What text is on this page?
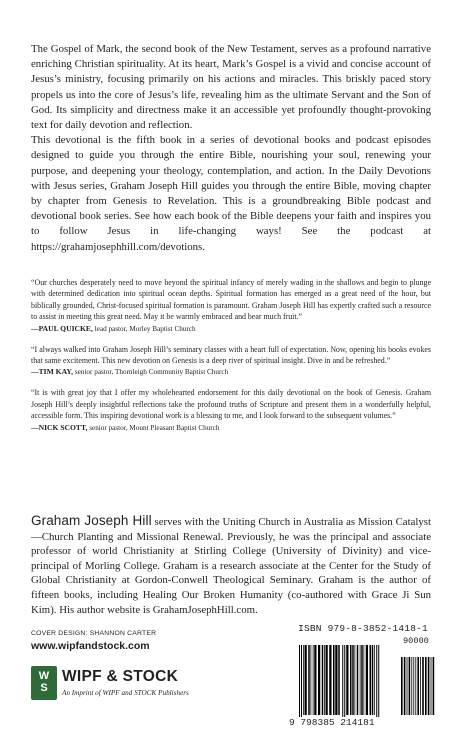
The Gospel of Mark, the second book of the New Testament, serves as a profound narrative enriching Christian spirituality. At its heart, Mark’s Gospel is a vivid and concise account of Jesus’s ministry, focusing primarily on his actions and miracles. This briskly paced story propels us into the core of Jesus’s life, revealing him as the ultimate Servant and the Son of God. Its simplicity and directness make it an accessible yet profoundly thought-provoking text for daily devotion and reflection.

This devotional is the fifth book in a series of devotional books and podcast episodes designed to guide you through the entire Bible, nourishing your soul, renewing your purpose, and deepening your theology, contemplation, and action. In the Daily Devotions with Jesus series, Graham Joseph Hill guides you through the entire Bible, moving chapter by chapter from Genesis to Revelation. This is a groundbreaking Bible podcast and devotional book series. See how each book of the Bible deepens your faith and inspires you to follow Jesus in life-changing ways! See the podcast at https://grahamjosephhill.com/devotions.

“Our churches desperately need to move beyond the spiritual infancy of merely wading in the shallows and begin to plunge with determined dedication into spiritual ocean depths. Spiritual formation has emerged as a great need of the hour, but biblically grounded, Christ-focused spiritual formation is paramount. Graham Joseph Hill has expertly crafted such a resource to assist in meeting this great need. May it be warmly embraced and bear much fruit.”

—PAUL QUICKE, lead pastor, Morley Baptist Church

“I always walked into Graham Joseph Hill’s seminary classes with a heart full of expectation. Now, opening his books evokes that same excitement. This new devotion on Genesis is a deep river of spiritual insight. Dive in and be refreshed.”

—TIM KAY, senior pastor, Thornleigh Community Baptist Church

“It is with great joy that I offer my wholehearted endorsement for this daily devotional on the book of Genesis. Graham Joseph Hill’s deeply insightful reflections take the profound truths of Scripture and present them in a wonderfully helpful, accessible form. This inspiring devotional work is a blessing to me, and I look forward to the subsequent volumes.”

—NICK SCOTT, senior pastor, Mount Pleasant Baptist Church

Graham Joseph Hill serves with the Uniting Church in Australia as Mission Catalyst—Church Planting and Missional Renewal. Previously, he was the principal and associate professor of world Christianity at Stirling College (University of Divinity) and vice-principal of Morling College. Graham is a research associate at the Center for the Study of Global Christianity at Gordon-Conwell Theological Seminary. Graham is the author of fifteen books, including Healing Our Broken Humanity (co-authored with Grace Ji Sun Kim). His author website is GrahamJosephHill.com.
COVER DESIGN: SHANNON CARTER
www.wipfandstock.com
W
S
WIPF & STOCK
An Imprint of WIPF and STOCK Publishers
ISBN 979-8-3852-1418-1
90000
9 798385 214181
